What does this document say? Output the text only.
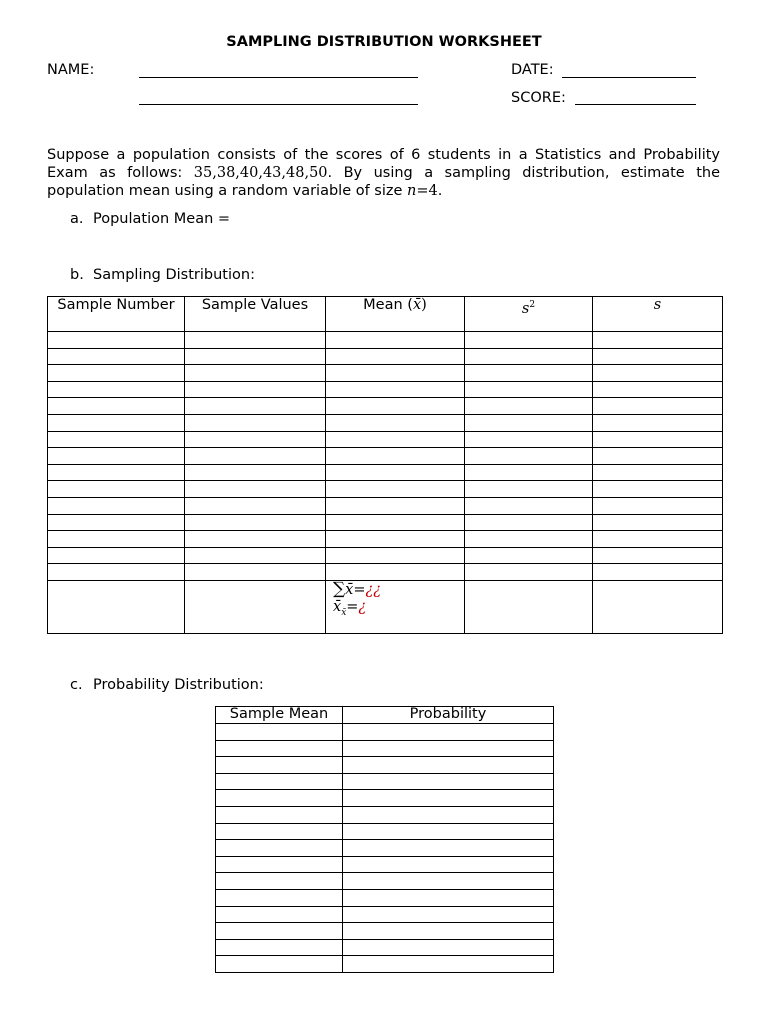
SAMPLING DISTRIBUTION WORKSHEET
NAME:	DATE:
SCORE:
Suppose a population consists of the scores of 6 students in a Statistics and Probability Exam as follows: 35,38,40,43,48,50. By using a sampling distribution, estimate the population mean using a random variable of size n=4.
a. Population Mean =
b. Sampling Distribution:
Sample Number	Sample Values	Mean (x̄)	$s^2$	s

		∑x̄=¿¿
$x̄_{x̄}=¿$		

c. Probability Distribution:
Sample Mean	Probability
